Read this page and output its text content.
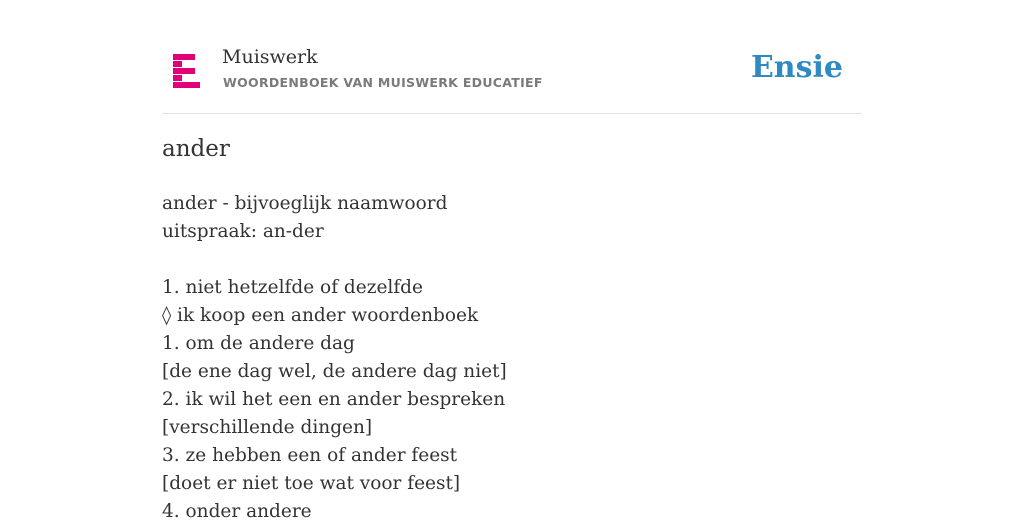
Muiswerk
WOORDENBOEK VAN MUISWERK EDUCATIEF	Ensie
ander
ander - bijvoeglijk naamwoord
uitspraak: an-der
1. niet hetzelfde of dezelfde
◊ ik koop een ander woordenboek
1. om de andere dag
[de ene dag wel, de andere dag niet]
2. ik wil het een en ander bespreken
[verschillende dingen]
3. ze hebben een of ander feest
[doet er niet toe wat voor feest]
4. onder andere
